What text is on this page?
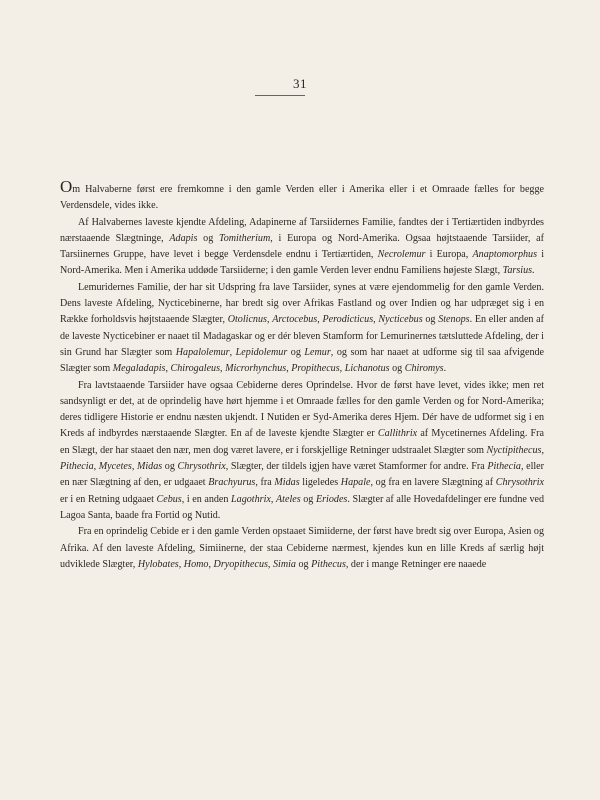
31

Om Halvaberne først ere fremkomne i den gamle Verden eller i Amerika eller i et Omraade fælles for begge Verdensdele, vides ikke.

Af Halvabernes laveste kjendte Afdeling, Adapinerne af Tarsiidernes Familie, fandtes der i Tertiærtiden indbyrdes nærstaaende Slægtninge, Adapis og Tomitherium, i Europa og Nord-Amerika. Ogsaa højtstaaende Tarsiider, af Tarsiinernes Gruppe, have levet i begge Verdensdele endnu i Tertiærtiden, Necrolemur i Europa, Anaptomorphus i Nord-Amerika. Men i Amerika uddøde Tarsiiderne; i den gamle Verden lever endnu Familiens højeste Slægt, Tarsius.

Lemuridernes Familie, der har sit Udspring fra lave Tarsiider, synes at være ejendommelig for den gamle Verden. Dens laveste Afdeling, Nycticebinerne, har bredt sig over Afrikas Fastland og over Indien og har udpræget sig i en Række forholdsvis højtstaaende Slægter, Otolicnus, Arctocebus, Perodicticus, Nycticebus og Stenops. En eller anden af de laveste Nycticebiner er naaet til Madagaskar og er dér bleven Stamform for Lemurinernes tætsluttede Afdeling, der i sin Grund har Slægter som Hapalolemur, Lepidolemur og Lemur, og som har naaet at udforme sig til saa afvigende Slægter som Megaladapis, Chirogaleus, Microrhynchus, Propithecus, Lichanotus og Chiromys.

Fra lavtstaaende Tarsiider have ogsaa Cebiderne deres Oprindelse. Hvor de først have levet, vides ikke; men ret sandsynligt er det, at de oprindelig have hørt hjemme i et Omraade fælles for den gamle Verden og for Nord-Amerika; deres tidligere Historie er endnu næsten ukjendt. I Nutiden er Syd-Amerika deres Hjem. Dér have de udformet sig i en Kreds af indbyrdes nærstaaende Slægter. En af de laveste kjendte Slægter er Callithrix af Mycetinernes Afdeling. Fra en Slægt, der har staaet den nær, men dog været lavere, er i forskjellige Retninger udstraalet Slægter som Nyctipithecus, Pithecia, Mycetes, Midas og Chrysothrix, Slægter, der tildels igjen have været Stamformer for andre. Fra Pithecia, eller en nær Slægtning af den, er udgaaet Brachyurus, fra Midas ligeledes Hapale, og fra en lavere Slægtning af Chrysothrix er i en Retning udgaaet Cebus, i en anden Lagothrix, Ateles og Eriodes. Slægter af alle Hovedafdelinger ere fundne ved Lagoa Santa, baade fra Fortid og Nutid.

Fra en oprindelig Cebide er i den gamle Verden opstaaet Simiiderne, der først have bredt sig over Europa, Asien og Afrika. Af den laveste Afdeling, Simiinerne, der staa Cebiderne nærmest, kjendes kun en lille Kreds af særlig højt udviklede Slægter, Hylobates, Homo, Dryopithecus, Simia og Pithecus, der i mange Retninger ere naaede
